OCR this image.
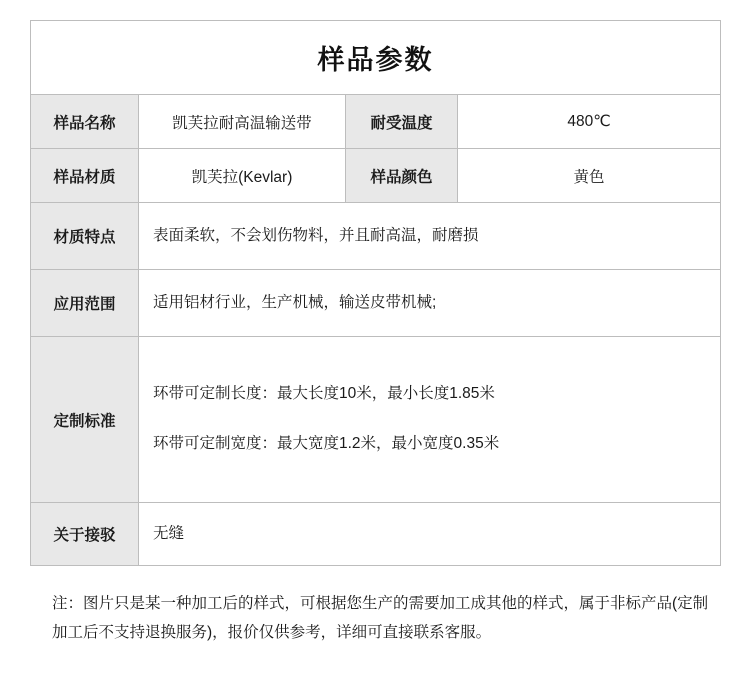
样品参数			
样品名称	凯芙拉耐高温输送带	耐受温度	480℃
样品材质	凯芙拉(Kevlar)	样品颜色	黄色
材质特点	表面柔软，不会划伤物料，并且耐高温，耐磨损		
应用范围	适用铝材行业，生产机械，输送皮带机械;		
定制标准	环带可定制长度：最大长度10米，最小长度1.85米
环带可定制宽度：最大宽度1.2米，最小宽度0.35米		

关于接驳	无缝		
注：图片只是某一种加工后的样式，可根据您生产的需要加工成其他的样式，属于非标产品(定制加工后不支持退换服务)，报价仅供参考，详细可直接联系客服。
